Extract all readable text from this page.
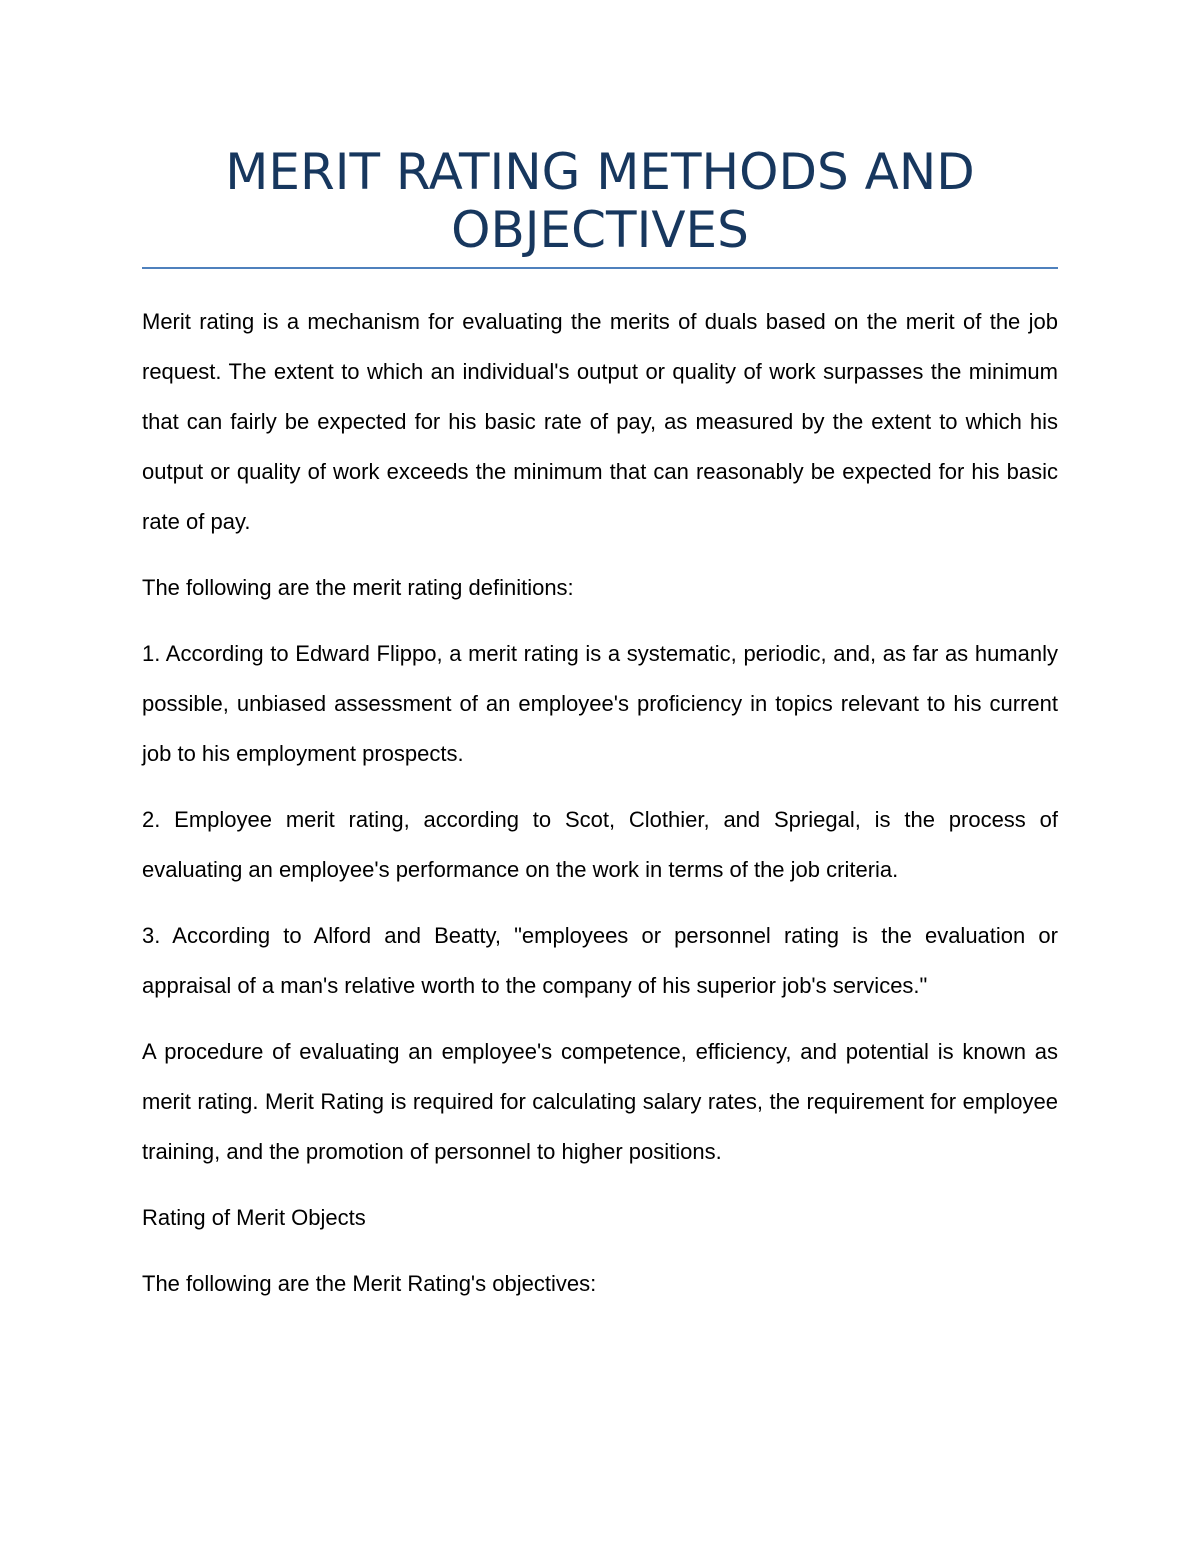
MERIT RATING METHODS AND OBJECTIVES

Merit rating is a mechanism for evaluating the merits of duals based on the merit of the job request. The extent to which an individual's output or quality of work surpasses the minimum that can fairly be expected for his basic rate of pay, as measured by the extent to which his output or quality of work exceeds the minimum that can reasonably be expected for his basic rate of pay.

The following are the merit rating definitions:

1. According to Edward Flippo, a merit rating is a systematic, periodic, and, as far as humanly possible, unbiased assessment of an employee's proficiency in topics relevant to his current job to his employment prospects.

2. Employee merit rating, according to Scot, Clothier, and Spriegal, is the process of evaluating an employee's performance on the work in terms of the job criteria.

3. According to Alford and Beatty, "employees or personnel rating is the evaluation or appraisal of a man's relative worth to the company of his superior job's services."

A procedure of evaluating an employee's competence, efficiency, and potential is known as merit rating. Merit Rating is required for calculating salary rates, the requirement for employee training, and the promotion of personnel to higher positions.

Rating of Merit Objects

The following are the Merit Rating's objectives:
